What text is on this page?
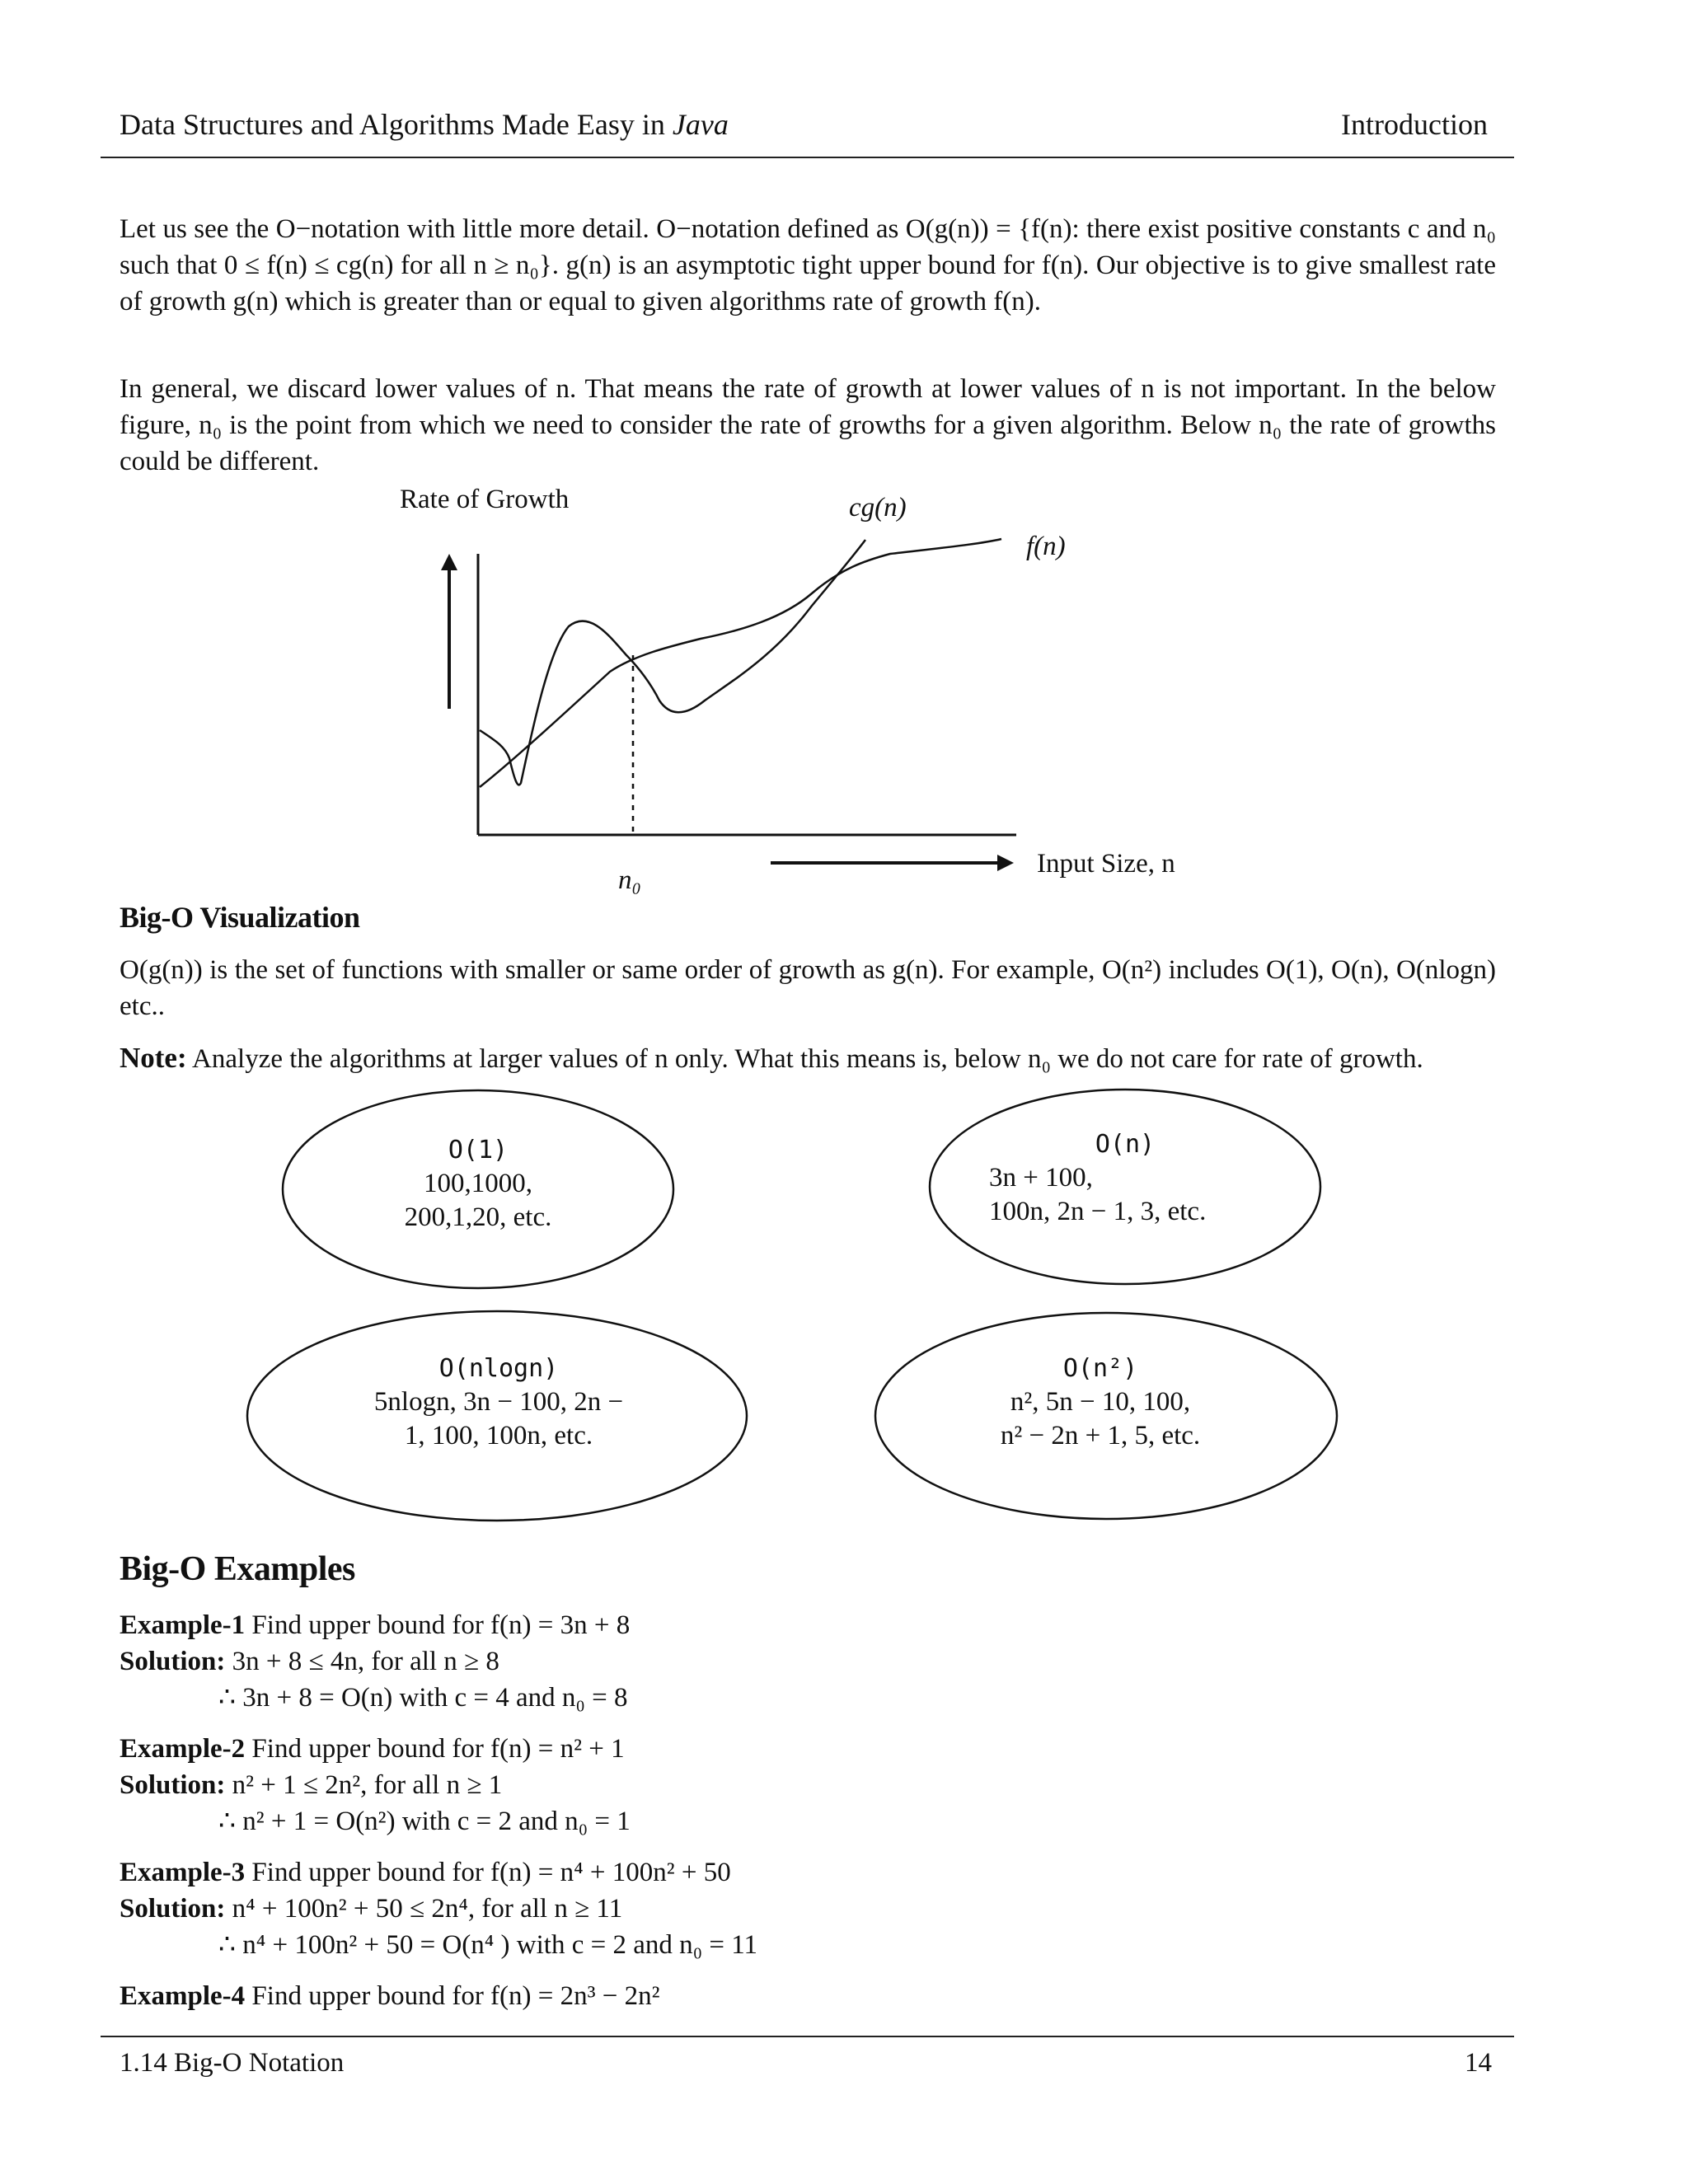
Data Structures and Algorithms Made Easy in Java	Introduction
Let us see the O−notation with little more detail. O−notation defined as O(g(n)) = {f(n): there exist positive constants c and n₀ such that 0 ≤ f(n) ≤ cg(n) for all n ≥ n₀}. g(n) is an asymptotic tight upper bound for f(n). Our objective is to give smallest rate of growth g(n) which is greater than or equal to given algorithms rate of growth f(n).
In general, we discard lower values of n. That means the rate of growth at lower values of n is not important. In the below figure, n₀ is the point from which we need to consider the rate of growths for a given algorithm. Below n₀ the rate of growths could be different.
Rate of Growth	cg(n)
f(n)
n₀
Input Size, n
Big-O Visualization
O(g(n)) is the set of functions with smaller or same order of growth as g(n). For example, O(n²) includes O(1), O(n), O(nlogn) etc..
Note: Analyze the algorithms at larger values of n only. What this means is, below n₀ we do not care for rate of growth.
O(1)
100,1000,
200,1,20, etc.
O(n)
3n + 100,
100n, 2n − 1, 3, etc.
O(nlogn)
5nlogn, 3n − 100, 2n −
1, 100, 100n, etc.
O(n²)
n², 5n − 10, 100,
n² − 2n + 1, 5, etc.
Big-O Examples
Example-1 Find upper bound for f(n) = 3n + 8
Solution: 3n + 8 ≤ 4n, for all n ≥ 8
∴ 3n + 8 = O(n) with c = 4 and n₀ = 8
Example-2 Find upper bound for f(n) = n² + 1
Solution: n² + 1 ≤ 2n², for all n ≥ 1
∴ n² + 1 = O(n²) with c = 2 and n₀ = 1
Example-3 Find upper bound for f(n) = n⁴ + 100n² + 50
Solution: n⁴ + 100n² + 50 ≤ 2n⁴, for all n ≥ 11
∴ n⁴ + 100n² + 50 = O(n⁴ ) with c = 2 and n₀ = 11
Example-4 Find upper bound for f(n) = 2n³ − 2n²
1.14 Big-O Notation	14
